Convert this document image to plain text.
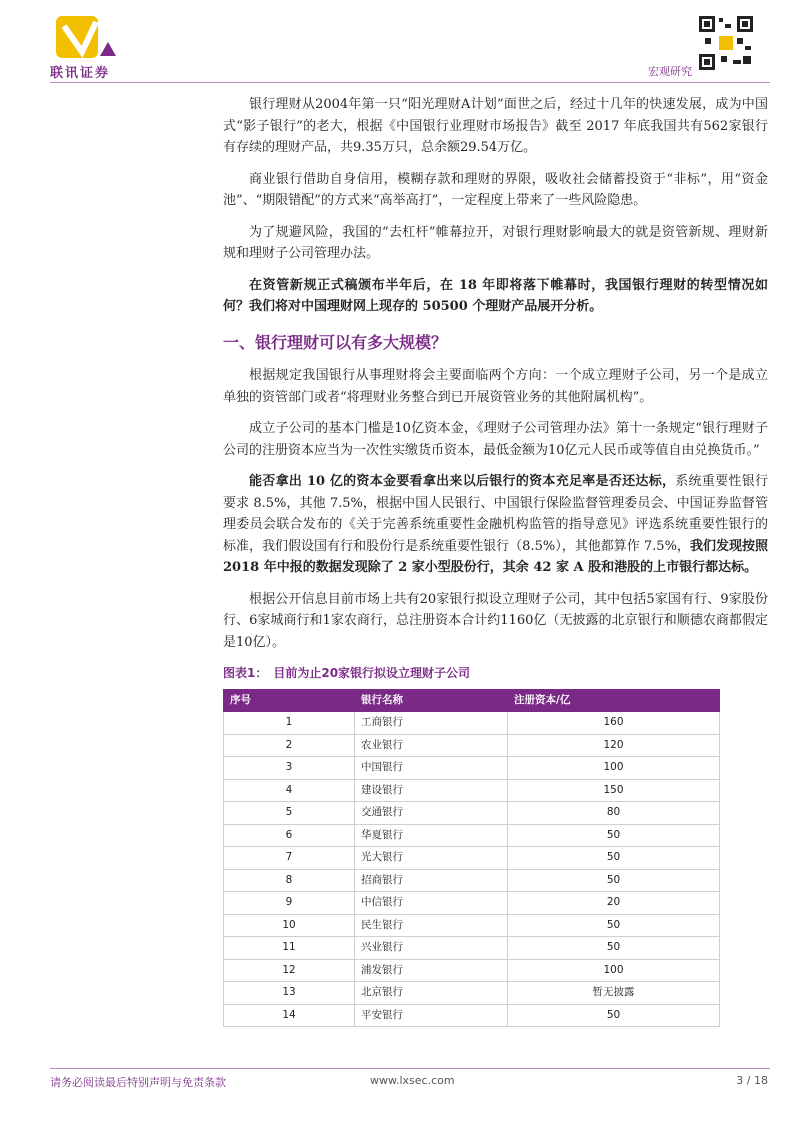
联讯证券	宏观研究

银行理财从2004年第一只“阳光理财A计划”面世之后，经过十几年的快速发展，成为中国式“影子银行”的老大，根据《中国银行业理财市场报告》截至 2017 年底我国共有562家银行有存续的理财产品，共9.35万只，总余额29.54万亿。

商业银行借助自身信用，模糊存款和理财的界限，吸收社会储蓄投资于“非标”，用“资金池”、“期限错配”的方式来“高举高打”，一定程度上带来了一些风险隐患。

为了规避风险，我国的“去杠杆”帷幕拉开，对银行理财影响最大的就是资管新规、理财新规和理财子公司管理办法。

在资管新规正式稿颁布半年后，在 18 年即将落下帷幕时，我国银行理财的转型情况如何？我们将对中国理财网上现存的 50500 个理财产品展开分析。

一、银行理财可以有多大规模？

根据规定我国银行从事理财将会主要面临两个方向：一个成立理财子公司，另一个是成立单独的资管部门或者“将理财业务整合到已开展资管业务的其他附属机构”。

成立子公司的基本门槛是10亿资本金，《理财子公司管理办法》第十一条规定“银行理财子公司的注册资本应当为一次性实缴货币资本，最低金额为10亿元人民币或等值自由兑换货币。”

能否拿出 10 亿的资本金要看拿出来以后银行的资本充足率是否还达标，系统重要性银行要求 8.5%，其他 7.5%，根据中国人民银行、中国银行保险监督管理委员会、中国证券监督管理委员会联合发布的《关于完善系统重要性金融机构监管的指导意见》评选系统重要性银行的标准，我们假设国有行和股份行是系统重要性银行（8.5%），其他都算作 7.5%，我们发现按照 2018 年中报的数据发现除了 2 家小型股份行，其余 42 家 A 股和港股的上市银行都达标。

根据公开信息目前市场上共有20家银行拟设立理财子公司，其中包括5家国有行、9家股份行、6家城商行和1家农商行，总注册资本合计约1160亿（无披露的北京银行和顺德农商都假定是10亿）。

图表1：　目前为止20家银行拟设立理财子公司
序号	银行名称	注册资本/亿
1	工商银行	160
2	农业银行	120
3	中国银行	100
4	建设银行	150
5	交通银行	80
6	华夏银行	50
7	光大银行	50
8	招商银行	50
9	中信银行	20
10	民生银行	50
11	兴业银行	50
12	浦发银行	100
13	北京银行	暂无披露
14	平安银行	50
请务必阅读最后特别声明与免责条款	www.lxsec.com	3 / 18
